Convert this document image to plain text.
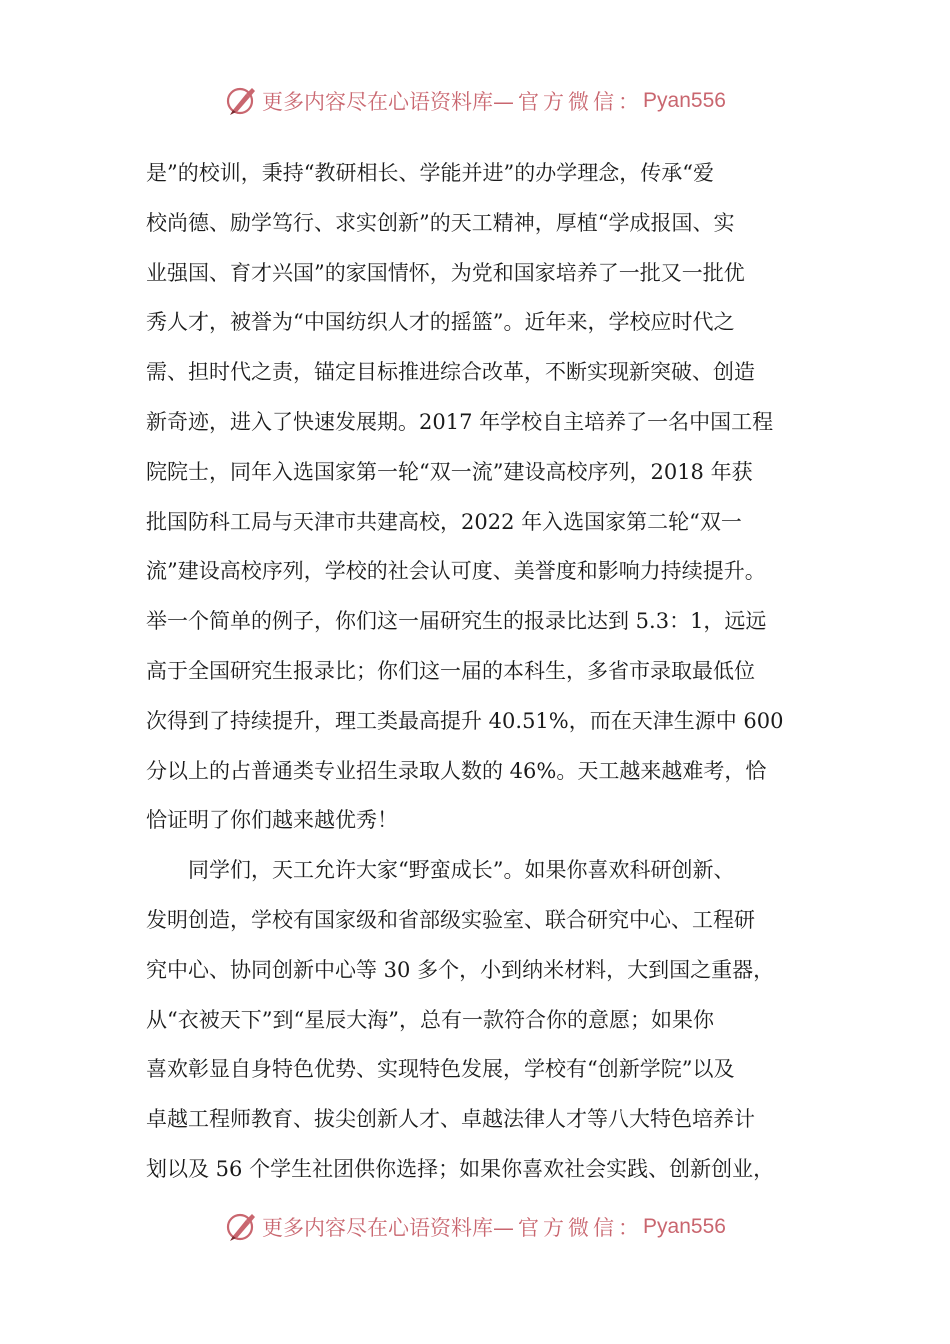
更多内容尽在心语资料库 —官方微信： Pyan556
是”的校训，秉持“教研相长、学能并进”的办学理念，传承“爱
校尚德、励学笃行、求实创新”的天工精神，厚植“学成报国、实
业强国、育才兴国”的家国情怀，为党和国家培养了一批又一批优
秀人才，被誉为“中国纺织人才的摇篮”。近年来，学校应时代之
需、担时代之责，锚定目标推进综合改革，不断实现新突破、创造
新奇迹，进入了快速发展期。2017 年学校自主培养了一名中国工程
院院士，同年入选国家第一轮“双一流”建设高校序列，2018 年获
批国防科工局与天津市共建高校，2022 年入选国家第二轮“双一
流”建设高校序列，学校的社会认可度、美誉度和影响力持续提升。
举一个简单的例子，你们这一届研究生的报录比达到 5.3：1，远远
高于全国研究生报录比；你们这一届的本科生，多省市录取最低位
次得到了持续提升，理工类最高提升 40.51%，而在天津生源中 600
分以上的占普通类专业招生录取人数的 46%。天工越来越难考，恰
恰证明了你们越来越优秀！
　　同学们，天工允许大家“野蛮成长”。如果你喜欢科研创新、
发明创造，学校有国家级和省部级实验室、联合研究中心、工程研
究中心、协同创新中心等 30 多个，小到纳米材料，大到国之重器，
从“衣被天下”到“星辰大海”，总有一款符合你的意愿；如果你
喜欢彰显自身特色优势、实现特色发展，学校有“创新学院”以及
卓越工程师教育、拔尖创新人才、卓越法律人才等八大特色培养计
划以及 56 个学生社团供你选择；如果你喜欢社会实践、创新创业，
更多内容尽在心语资料库 —官方微信： Pyan556
